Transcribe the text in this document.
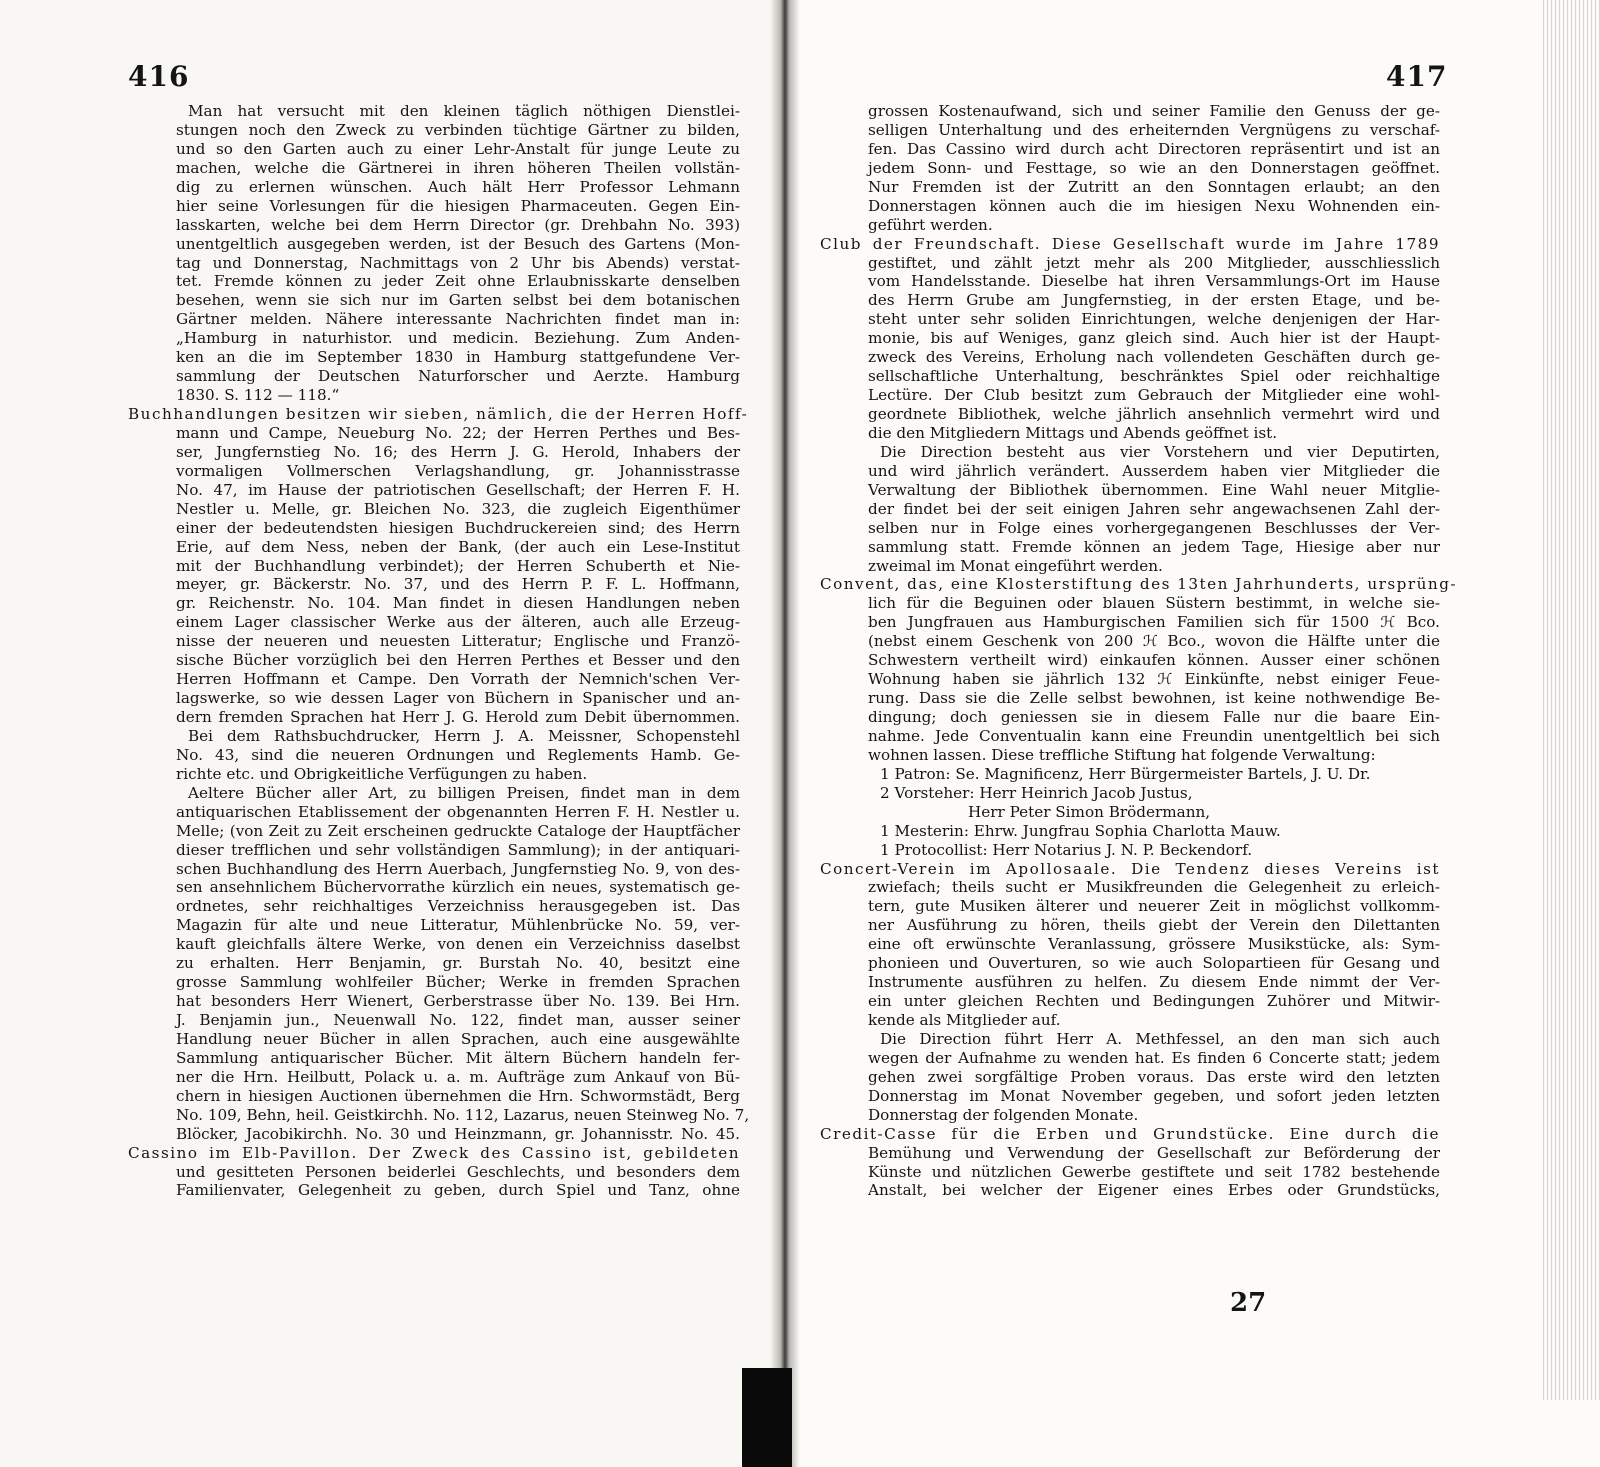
416
Man hat versucht mit den kleinen täglich nöthigen Dienstlei-
stungen noch den Zweck zu verbinden tüchtige Gärtner zu bilden,
und so den Garten auch zu einer Lehr-Anstalt für junge Leute zu
machen, welche die Gärtnerei in ihren höheren Theilen vollstän-
dig zu erlernen wünschen. Auch hält Herr Professor Lehmann
hier seine Vorlesungen für die hiesigen Pharmaceuten. Gegen Ein-
lasskarten, welche bei dem Herrn Director (gr. Drehbahn No. 393)
unentgeltlich ausgegeben werden, ist der Besuch des Gartens (Mon-
tag und Donnerstag, Nachmittags von 2 Uhr bis Abends) verstat-
tet. Fremde können zu jeder Zeit ohne Erlaubnisskarte denselben
besehen, wenn sie sich nur im Garten selbst bei dem botanischen
Gärtner melden. Nähere interessante Nachrichten findet man in:
„Hamburg in naturhistor. und medicin. Beziehung. Zum Anden-
ken an die im September 1830 in Hamburg stattgefundene Ver-
sammlung der Deutschen Naturforscher und Aerzte. Hamburg
1830. S. 112 — 118.“
Buchhandlungen besitzen wir sieben, nämlich, die der Herren Hoff-
mann und Campe, Neueburg No. 22; der Herren Perthes und Bes-
ser, Jungfernstieg No. 16; des Herrn J. G. Herold, Inhabers der
vormaligen Vollmerschen Verlagshandlung, gr. Johannisstrasse
No. 47, im Hause der patriotischen Gesellschaft; der Herren F. H.
Nestler u. Melle, gr. Bleichen No. 323, die zugleich Eigenthümer
einer der bedeutendsten hiesigen Buchdruckereien sind; des Herrn
Erie, auf dem Ness, neben der Bank, (der auch ein Lese-Institut
mit der Buchhandlung verbindet); der Herren Schuberth et Nie-
meyer, gr. Bäckerstr. No. 37, und des Herrn P. F. L. Hoffmann,
gr. Reichenstr. No. 104. Man findet in diesen Handlungen neben
einem Lager classischer Werke aus der älteren, auch alle Erzeug-
nisse der neueren und neuesten Litteratur; Englische und Franzö-
sische Bücher vorzüglich bei den Herren Perthes et Besser und den
Herren Hoffmann et Campe. Den Vorrath der Nemnich'schen Ver-
lagswerke, so wie dessen Lager von Büchern in Spanischer und an-
dern fremden Sprachen hat Herr J. G. Herold zum Debit übernommen.
Bei dem Rathsbuchdrucker, Herrn J. A. Meissner, Schopenstehl
No. 43, sind die neueren Ordnungen und Reglements Hamb. Ge-
richte etc. und Obrigkeitliche Verfügungen zu haben.
Aeltere Bücher aller Art, zu billigen Preisen, findet man in dem
antiquarischen Etablissement der obgenannten Herren F. H. Nestler u.
Melle; (von Zeit zu Zeit erscheinen gedruckte Cataloge der Hauptfächer
dieser trefflichen und sehr vollständigen Sammlung); in der antiquari-
schen Buchhandlung des Herrn Auerbach, Jungfernstieg No. 9, von des-
sen ansehnlichem Büchervorrathe kürzlich ein neues, systematisch ge-
ordnetes, sehr reichhaltiges Verzeichniss herausgegeben ist. Das
Magazin für alte und neue Litteratur, Mühlenbrücke No. 59, ver-
kauft gleichfalls ältere Werke, von denen ein Verzeichniss daselbst
zu erhalten. Herr Benjamin, gr. Burstah No. 40, besitzt eine
grosse Sammlung wohlfeiler Bücher; Werke in fremden Sprachen
hat besonders Herr Wienert, Gerberstrasse über No. 139. Bei Hrn.
J. Benjamin jun., Neuenwall No. 122, findet man, ausser seiner
Handlung neuer Bücher in allen Sprachen, auch eine ausgewählte
Sammlung antiquarischer Bücher. Mit ältern Büchern handeln fer-
ner die Hrn. Heilbutt, Polack u. a. m. Aufträge zum Ankauf von Bü-
chern in hiesigen Auctionen übernehmen die Hrn. Schwormstädt, Berg
No. 109, Behn, heil. Geistkirchh. No. 112, Lazarus, neuen Steinweg No. 7,
Blöcker, Jacobikirchh. No. 30 und Heinzmann, gr. Johannisstr. No. 45.
Cassino im Elb-Pavillon. Der Zweck des Cassino ist, gebildeten
und gesitteten Personen beiderlei Geschlechts, und besonders dem
Familienvater, Gelegenheit zu geben, durch Spiel und Tanz, ohne
417
grossen Kostenaufwand, sich und seiner Familie den Genuss der ge-
selligen Unterhaltung und des erheiternden Vergnügens zu verschaf-
fen. Das Cassino wird durch acht Directoren repräsentirt und ist an
jedem Sonn- und Festtage, so wie an den Donnerstagen geöffnet.
Nur Fremden ist der Zutritt an den Sonntagen erlaubt; an den
Donnerstagen können auch die im hiesigen Nexu Wohnenden ein-
geführt werden.
Club der Freundschaft. Diese Gesellschaft wurde im Jahre 1789
gestiftet, und zählt jetzt mehr als 200 Mitglieder, ausschliesslich
vom Handelsstande. Dieselbe hat ihren Versammlungs-Ort im Hause
des Herrn Grube am Jungfernstieg, in der ersten Etage, und be-
steht unter sehr soliden Einrichtungen, welche denjenigen der Har-
monie, bis auf Weniges, ganz gleich sind. Auch hier ist der Haupt-
zweck des Vereins, Erholung nach vollendeten Geschäften durch ge-
sellschaftliche Unterhaltung, beschränktes Spiel oder reichhaltige
Lectüre. Der Club besitzt zum Gebrauch der Mitglieder eine wohl-
geordnete Bibliothek, welche jährlich ansehnlich vermehrt wird und
die den Mitgliedern Mittags und Abends geöffnet ist.
Die Direction besteht aus vier Vorstehern und vier Deputirten,
und wird jährlich verändert. Ausserdem haben vier Mitglieder die
Verwaltung der Bibliothek übernommen. Eine Wahl neuer Mitglie-
der findet bei der seit einigen Jahren sehr angewachsenen Zahl der-
selben nur in Folge eines vorhergegangenen Beschlusses der Ver-
sammlung statt. Fremde können an jedem Tage, Hiesige aber nur
zweimal im Monat eingeführt werden.
Convent, das, eine Klosterstiftung des 13ten Jahrhunderts, ursprüng-
lich für die Beguinen oder blauen Süstern bestimmt, in welche sie-
ben Jungfrauen aus Hamburgischen Familien sich für 1500 ℋ Bco.
(nebst einem Geschenk von 200 ℋ Bco., wovon die Hälfte unter die
Schwestern vertheilt wird) einkaufen können. Ausser einer schönen
Wohnung haben sie jährlich 132 ℋ Einkünfte, nebst einiger Feue-
rung. Dass sie die Zelle selbst bewohnen, ist keine nothwendige Be-
dingung; doch geniessen sie in diesem Falle nur die baare Ein-
nahme. Jede Conventualin kann eine Freundin unentgeltlich bei sich
wohnen lassen. Diese treffliche Stiftung hat folgende Verwaltung:
1 Patron: Se. Magnificenz, Herr Bürgermeister Bartels, J. U. Dr.
2 Vorsteher: Herr Heinrich Jacob Justus,
Herr Peter Simon Brödermann,
1 Mesterin: Ehrw. Jungfrau Sophia Charlotta Mauw.
1 Protocollist: Herr Notarius J. N. P. Beckendorf.
Concert-Verein im Apollosaale. Die Tendenz dieses Vereins ist
zwiefach; theils sucht er Musikfreunden die Gelegenheit zu erleich-
tern, gute Musiken älterer und neuerer Zeit in möglichst vollkomm-
ner Ausführung zu hören, theils giebt der Verein den Dilettanten
eine oft erwünschte Veranlassung, grössere Musikstücke, als: Sym-
phonieen und Ouverturen, so wie auch Solopartieen für Gesang und
Instrumente ausführen zu helfen. Zu diesem Ende nimmt der Ver-
ein unter gleichen Rechten und Bedingungen Zuhörer und Mitwir-
kende als Mitglieder auf.
Die Direction führt Herr A. Methfessel, an den man sich auch
wegen der Aufnahme zu wenden hat. Es finden 6 Concerte statt; jedem
gehen zwei sorgfältige Proben voraus. Das erste wird den letzten
Donnerstag im Monat November gegeben, und sofort jeden letzten
Donnerstag der folgenden Monate.
Credit-Casse für die Erben und Grundstücke. Eine durch die
Bemühung und Verwendung der Gesellschaft zur Beförderung der
Künste und nützlichen Gewerbe gestiftete und seit 1782 bestehende
Anstalt, bei welcher der Eigener eines Erbes oder Grundstücks,
27
